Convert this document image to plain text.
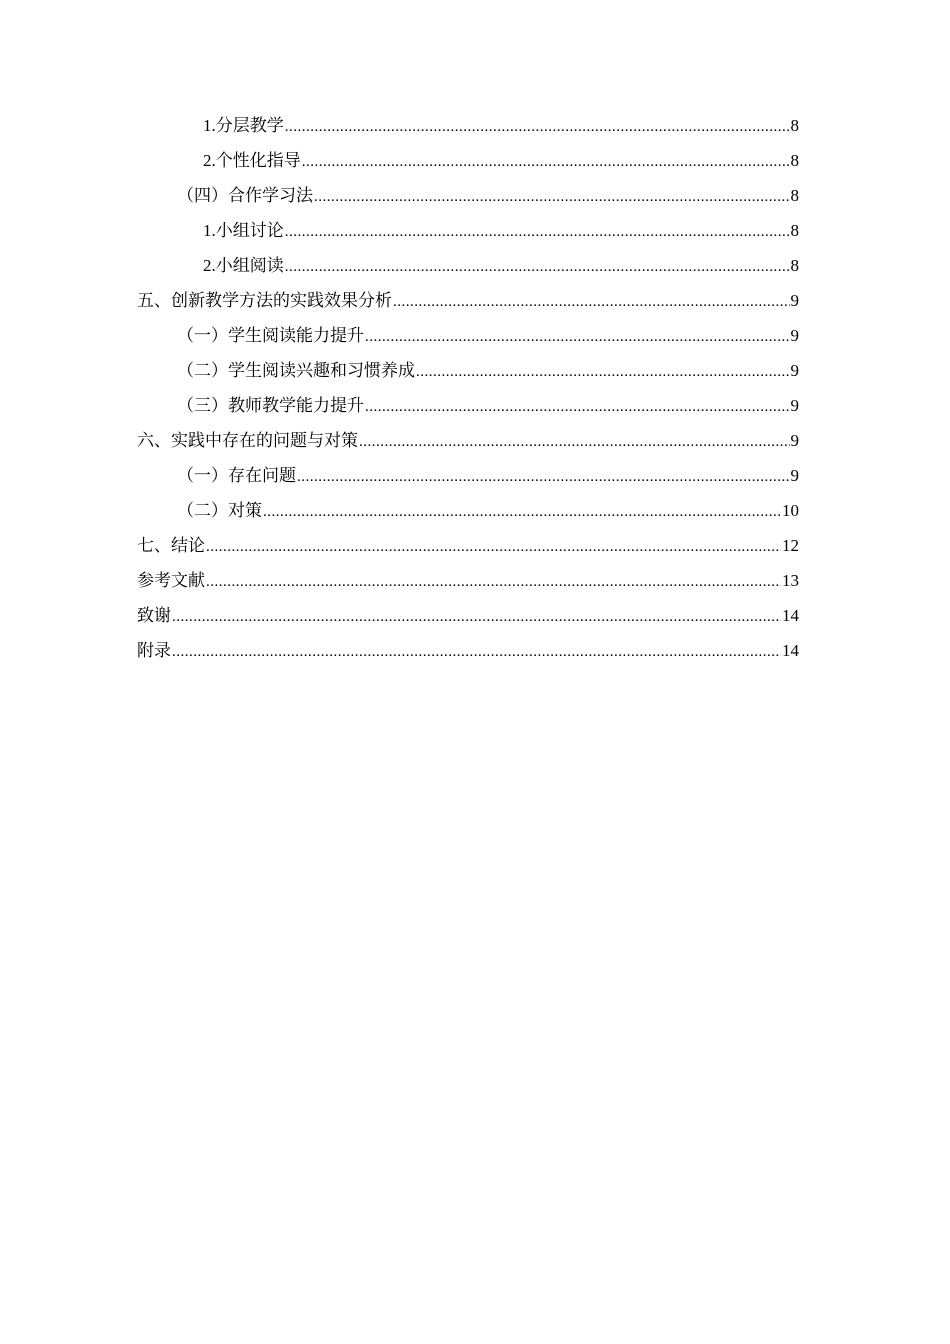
1.分层教学 .....	8
2.个性化指导 .....	8
（四）合作学习法 .....	8
1.小组讨论 .....	8
2.小组阅读 .....	8
五、创新教学方法的实践效果分析 .....	9
（一）学生阅读能力提升 .....	9
（二）学生阅读兴趣和习惯养成 .....	9
（三）教师教学能力提升 .....	9
六、实践中存在的问题与对策 .....	9
（一）存在问题 .....	9
（二）对策 .....	10
七、结论 .....	12
参考文献 .....	13
致谢 .....	14
附录 .....	14
